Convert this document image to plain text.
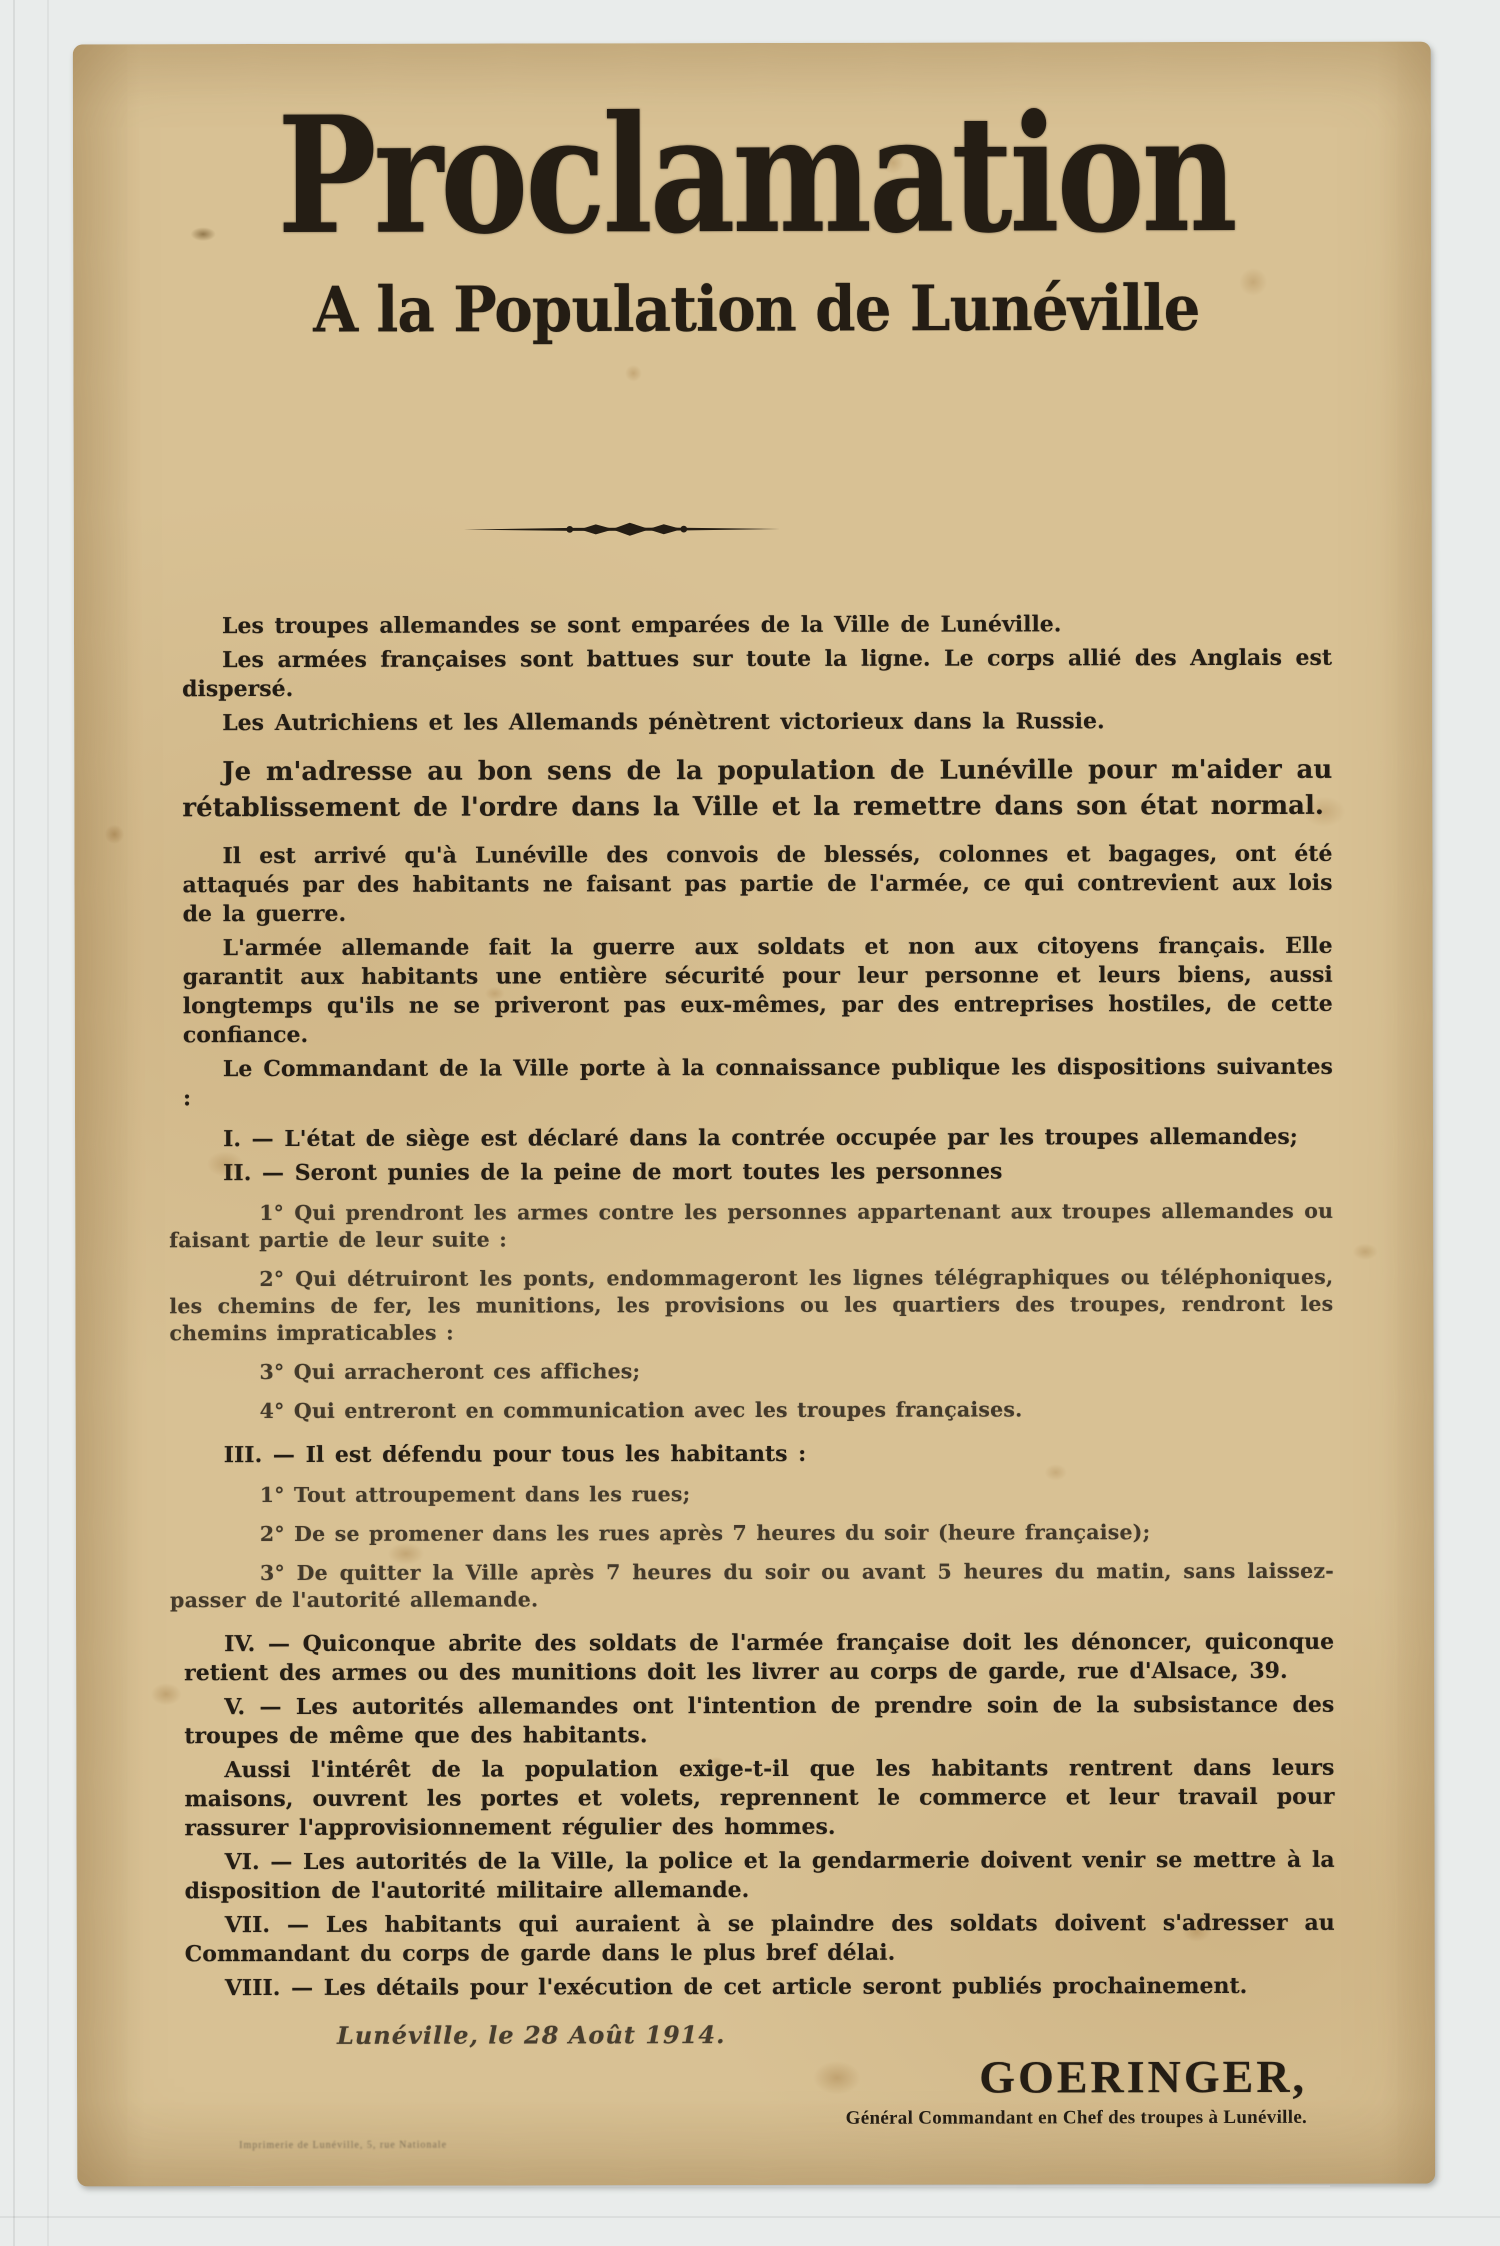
Proclamation
A la Population de Lunéville

Les troupes allemandes se sont emparées de la Ville de Lunéville.

Les armées françaises sont battues sur toute la ligne. Le corps allié des Anglais est dispersé.

Les Autrichiens et les Allemands pénètrent victorieux dans la Russie.

Je m'adresse au bon sens de la population de Lunéville pour m'aider au rétablissement de l'ordre dans la Ville et la remettre dans son état normal.

Il est arrivé qu'à Lunéville des convois de blessés, colonnes et bagages, ont été attaqués par des habitants ne faisant pas partie de l'armée, ce qui contrevient aux lois de la guerre.

L'armée allemande fait la guerre aux soldats et non aux citoyens français. Elle garantit aux habitants une entière sécurité pour leur personne et leurs biens, aussi longtemps qu'ils ne se priveront pas eux-mêmes, par des entreprises hostiles, de cette confiance.

Le Commandant de la Ville porte à la connaissance publique les dispositions suivantes :

I. — L'état de siège est déclaré dans la contrée occupée par les troupes allemandes;

II. — Seront punies de la peine de mort toutes les personnes

1° Qui prendront les armes contre les personnes appartenant aux troupes allemandes ou faisant partie de leur suite :

2° Qui détruiront les ponts, endommageront les lignes télégraphiques ou téléphoniques, les chemins de fer, les munitions, les provisions ou les quartiers des troupes, rendront les chemins impraticables :

3° Qui arracheront ces affiches;

4° Qui entreront en communication avec les troupes françaises.

III. — Il est défendu pour tous les habitants :

1° Tout attroupement dans les rues;

2° De se promener dans les rues après 7 heures du soir (heure française);

3° De quitter la Ville après 7 heures du soir ou avant 5 heures du matin, sans laissez-passer de l'autorité allemande.

IV. — Quiconque abrite des soldats de l'armée française doit les dénoncer, quiconque retient des armes ou des munitions doit les livrer au corps de garde, rue d'Alsace, 39.

V. — Les autorités allemandes ont l'intention de prendre soin de la subsistance des troupes de même que des habitants.

Aussi l'intérêt de la population exige-t-il que les habitants rentrent dans leurs maisons, ouvrent les portes et volets, reprennent le commerce et leur travail pour rassurer l'approvisionnement régulier des hommes.

VI. — Les autorités de la Ville, la police et la gendarmerie doivent venir se mettre à la disposition de l'autorité militaire allemande.

VII. — Les habitants qui auraient à se plaindre des soldats doivent s'adresser au Commandant du corps de garde dans le plus bref délai.

VIII. — Les détails pour l'exécution de cet article seront publiés prochainement.

Lunéville, le 28 Août 1914.

GOERINGER,
Général Commandant en Chef des troupes à Lunéville.
Imprimerie de Lunéville, 5, rue Nationale
